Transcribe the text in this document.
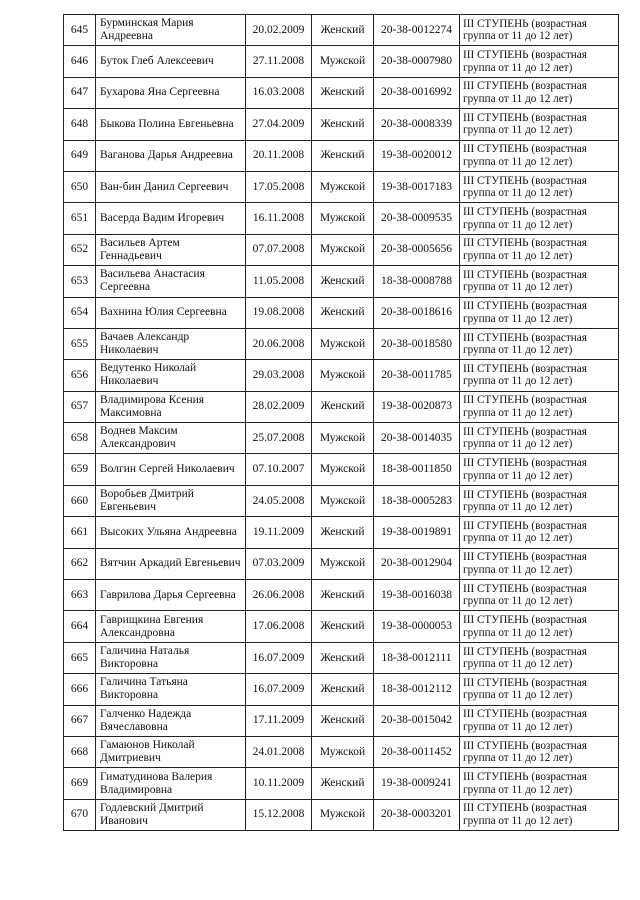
645	Бурминская Мария Андреевна	20.02.2009	Женский	20-38-0012274	III СТУПЕНЬ (возрастная группа от 11 до 12 лет)
646	Буток Глеб Алексеевич	27.11.2008	Мужской	20-38-0007980	III СТУПЕНЬ (возрастная группа от 11 до 12 лет)
647	Бухарова Яна Сергеевна	16.03.2008	Женский	20-38-0016992	III СТУПЕНЬ (возрастная группа от 11 до 12 лет)
648	Быкова Полина Евгеньевна	27.04.2009	Женский	20-38-0008339	III СТУПЕНЬ (возрастная группа от 11 до 12 лет)
649	Ваганова Дарья Андреевна	20.11.2008	Женский	19-38-0020012	III СТУПЕНЬ (возрастная группа от 11 до 12 лет)
650	Ван-бин Данил Сергеевич	17.05.2008	Мужской	19-38-0017183	III СТУПЕНЬ (возрастная группа от 11 до 12 лет)
651	Васерда Вадим Игоревич	16.11.2008	Мужской	20-38-0009535	III СТУПЕНЬ (возрастная группа от 11 до 12 лет)
652	Васильев Артем Геннадьевич	07.07.2008	Мужской	20-38-0005656	III СТУПЕНЬ (возрастная группа от 11 до 12 лет)
653	Васильева Анастасия Сергеевна	11.05.2008	Женский	18-38-0008788	III СТУПЕНЬ (возрастная группа от 11 до 12 лет)
654	Вахнина Юлия Сергеевна	19.08.2008	Женский	20-38-0018616	III СТУПЕНЬ (возрастная группа от 11 до 12 лет)
655	Вачаев Александр Николаевич	20.06.2008	Мужской	20-38-0018580	III СТУПЕНЬ (возрастная группа от 11 до 12 лет)
656	Ведутенко Николай Николаевич	29.03.2008	Мужской	20-38-0011785	III СТУПЕНЬ (возрастная группа от 11 до 12 лет)
657	Владимирова Ксения Максимовна	28.02.2009	Женский	19-38-0020873	III СТУПЕНЬ (возрастная группа от 11 до 12 лет)
658	Воднев Максим Александрович	25.07.2008	Мужской	20-38-0014035	III СТУПЕНЬ (возрастная группа от 11 до 12 лет)
659	Волгин Сергей Николаевич	07.10.2007	Мужской	18-38-0011850	III СТУПЕНЬ (возрастная группа от 11 до 12 лет)
660	Воробьев Дмитрий Евгеньевич	24.05.2008	Мужской	18-38-0005283	III СТУПЕНЬ (возрастная группа от 11 до 12 лет)
661	Высоких Ульяна Андреевна	19.11.2009	Женский	19-38-0019891	III СТУПЕНЬ (возрастная группа от 11 до 12 лет)
662	Вятчин Аркадий Евгеньевич	07.03.2009	Мужской	20-38-0012904	III СТУПЕНЬ (возрастная группа от 11 до 12 лет)
663	Гаврилова Дарья Сергеевна	26.06.2008	Женский	19-38-0016038	III СТУПЕНЬ (возрастная группа от 11 до 12 лет)
664	Гаврищкина Евгения Александровна	17.06.2008	Женский	19-38-0000053	III СТУПЕНЬ (возрастная группа от 11 до 12 лет)
665	Галичина Наталья Викторовна	16.07.2009	Женский	18-38-0012111	III СТУПЕНЬ (возрастная группа от 11 до 12 лет)
666	Галичина Татьяна Викторовна	16.07.2009	Женский	18-38-0012112	III СТУПЕНЬ (возрастная группа от 11 до 12 лет)
667	Галченко Надежда Вячеславовна	17.11.2009	Женский	20-38-0015042	III СТУПЕНЬ (возрастная группа от 11 до 12 лет)
668	Гамаюнов Николай Дмитриевич	24.01.2008	Мужской	20-38-0011452	III СТУПЕНЬ (возрастная группа от 11 до 12 лет)
669	Гиматудинова Валерия Владимировна	10.11.2009	Женский	19-38-0009241	III СТУПЕНЬ (возрастная группа от 11 до 12 лет)
670	Годлевский Дмитрий Иванович	15.12.2008	Мужской	20-38-0003201	III СТУПЕНЬ (возрастная группа от 11 до 12 лет)
